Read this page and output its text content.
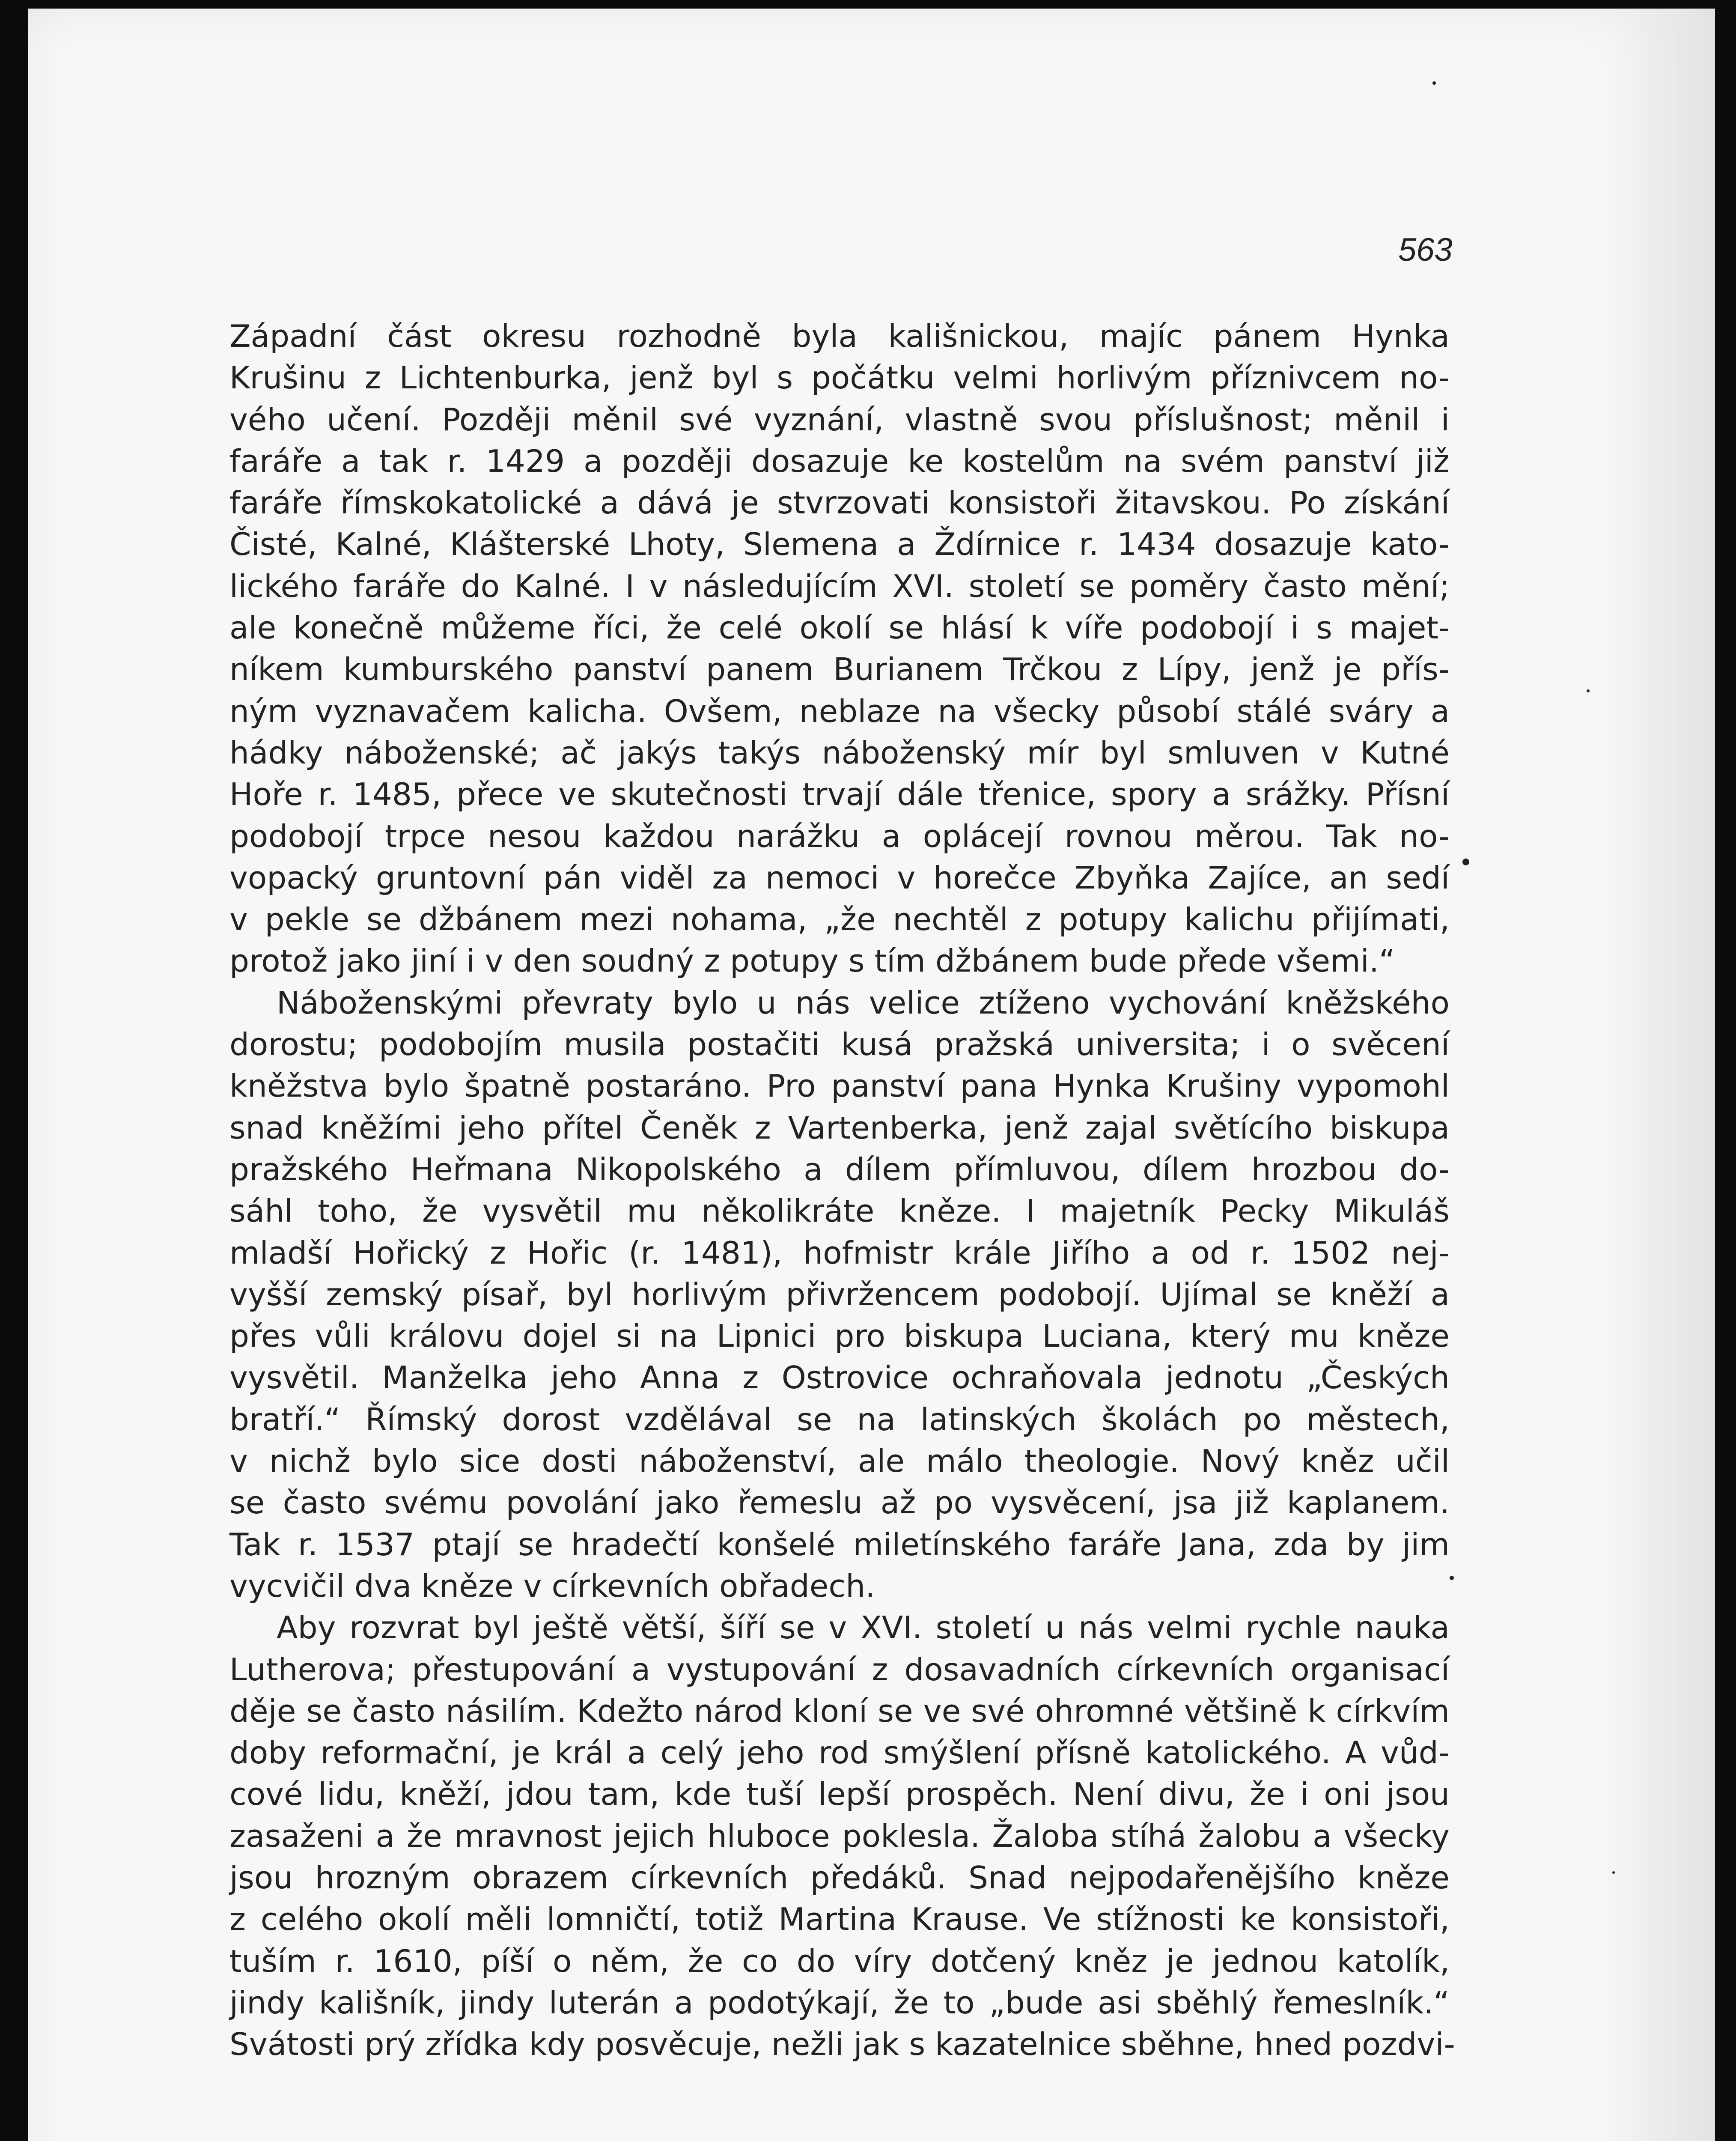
563
Západní část okresu rozhodně byla kališnickou, majíc pánem Hynka
Krušinu z Lichtenburka, jenž byl s počátku velmi horlivým příznivcem no-
vého učení. Později měnil své vyznání, vlastně svou příslušnost; měnil i
faráře a tak r. 1429 a později dosazuje ke kostelům na svém panství již
faráře římskokatolické a dává je stvrzovati konsistoři žitavskou. Po získání
Čisté, Kalné, Klášterské Lhoty, Slemena a Ždírnice r. 1434 dosazuje kato-
lického faráře do Kalné. I v následujícím XVI. století se poměry často mění;
ale konečně můžeme říci, že celé okolí se hlásí k víře podobojí i s majet-
níkem kumburského panství panem Burianem Trčkou z Lípy, jenž je přís-
ným vyznavačem kalicha. Ovšem, neblaze na všecky působí stálé sváry a
hádky náboženské; ač jakýs takýs náboženský mír byl smluven v Kutné
Hoře r. 1485, přece ve skutečnosti trvají dále třenice, spory a srážky. Přísní
podobojí trpce nesou každou narážku a oplácejí rovnou měrou. Tak no-
vopacký gruntovní pán viděl za nemoci v horečce Zbyňka Zajíce, an sedí
v pekle se džbánem mezi nohama, „že nechtěl z potupy kalichu přijímati,
protož jako jiní i v den soudný z potupy s tím džbánem bude přede všemi.“
Náboženskými převraty bylo u nás velice ztíženo vychování kněžského
dorostu; podobojím musila postačiti kusá pražská universita; i o svěcení
kněžstva bylo špatně postaráno. Pro panství pana Hynka Krušiny vypomohl
snad kněžími jeho přítel Čeněk z Vartenberka, jenž zajal světícího biskupa
pražského Heřmana Nikopolského a dílem přímluvou, dílem hrozbou do-
sáhl toho, že vysvětil mu několikráte kněze. I majetník Pecky Mikuláš
mladší Hořický z Hořic (r. 1481), hofmistr krále Jiřího a od r. 1502 nej-
vyšší zemský písař, byl horlivým přivržencem podobojí. Ujímal se kněží a
přes vůli královu dojel si na Lipnici pro biskupa Luciana, který mu kněze
vysvětil. Manželka jeho Anna z Ostrovice ochraňovala jednotu „Českých
bratří.“ Římský dorost vzdělával se na latinských školách po městech,
v nichž bylo sice dosti náboženství, ale málo theologie. Nový kněz učil
se často svému povolání jako řemeslu až po vysvěcení, jsa již kaplanem.
Tak r. 1537 ptají se hradečtí konšelé miletínského faráře Jana, zda by jim
vycvičil dva kněze v církevních obřadech.
Aby rozvrat byl ještě větší, šíří se v XVI. století u nás velmi rychle nauka
Lutherova; přestupování a vystupování z dosavadních církevních organisací
děje se často násilím. Kdežto národ kloní se ve své ohromné většině k církvím
doby reformační, je král a celý jeho rod smýšlení přísně katolického. A vůd-
cové lidu, kněží, jdou tam, kde tuší lepší prospěch. Není divu, že i oni jsou
zasaženi a že mravnost jejich hluboce poklesla. Žaloba stíhá žalobu a všecky
jsou hrozným obrazem církevních předáků. Snad nejpodařenějšího kněze
z celého okolí měli lomničtí, totiž Martina Krause. Ve stížnosti ke konsistoři,
tuším r. 1610, píší o něm, že co do víry dotčený kněz je jednou katolík,
jindy kališník, jindy luterán a podotýkají, že to „bude asi sběhlý řemeslník.“
Svátosti prý zřídka kdy posvěcuje, nežli jak s kazatelnice sběhne, hned pozdvi-
